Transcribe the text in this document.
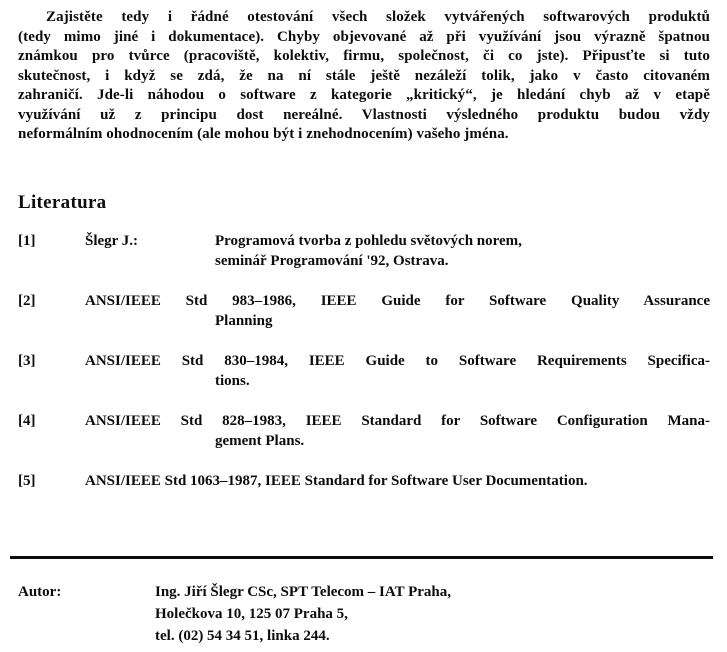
Zajistěte tedy i řádné otestování všech složek vytvářených softwarových produktů
(tedy mimo jiné i dokumentace). Chyby objevované až při využívání jsou výrazně špatnou
známkou pro tvůrce (pracoviště, kolektiv, firmu, společnost, či co jste). Připusťte si tuto
skutečnost, i když se zdá, že na ní stále ještě nezáleží tolik, jako v často citovaném
zahraničí. Jde-li náhodou o software z kategorie „kritický“, je hledání chyb až v etapě
využívání už z principu dost nereálné. Vlastnosti výsledného produktu budou vždy
neformálním ohodnocením (ale mohou být i znehodnocením) vašeho jména.
Literatura
[1]	Šlegr J.:	Programová tvorba z pohledu světových norem,
seminář Programování '92, Ostrava.
[2]	ANSI/IEEE Std 983–1986, IEEE Guide for Software Quality Assurance
Planning
[3]	ANSI/IEEE Std 830–1984, IEEE Guide to Software Requirements Specifica-
tions.
[4]	ANSI/IEEE Std 828–1983, IEEE Standard for Software Configuration Mana-
gement Plans.
[5]	ANSI/IEEE Std 1063–1987, IEEE Standard for Software User Documentation.
Autor:	Ing. Jiří Šlegr CSc, SPT Telecom – IAT Praha,
Holečkova 10, 125 07 Praha 5,
tel. (02) 54 34 51, linka 244.
